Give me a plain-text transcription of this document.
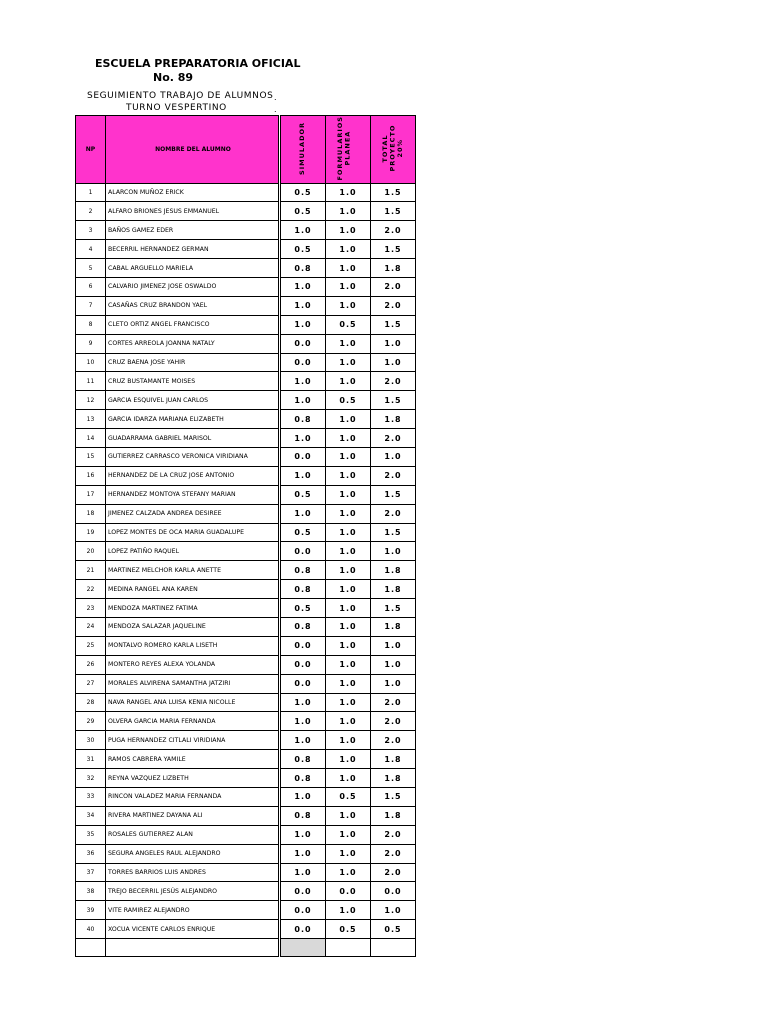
ESCUELA PREPARATORIA OFICIAL
No. 89
SEGUIMIENTO TRABAJO DE ALUMNOS
TURNO VESPERTINO
.
.
NP	NOMBRE DEL ALUMNO		SIMULADOR	FORMULARIOS PLANEA	TOTAL PROYECTO 20%
1	ALARCON MUÑOZ ERICK		0.5	1.0	1.5
2	ALFARO BRIONES JESUS EMMANUEL		0.5	1.0	1.5
3	BAÑOS GAMEZ EDER		1.0	1.0	2.0
4	BECERRIL HERNANDEZ GERMAN		0.5	1.0	1.5
5	CABAL ARGUELLO MARIELA		0.8	1.0	1.8
6	CALVARIO JIMENEZ JOSE OSWALDO		1.0	1.0	2.0
7	CASAÑAS CRUZ BRANDON YAEL		1.0	1.0	2.0
8	CLETO ORTIZ ANGEL FRANCISCO		1.0	0.5	1.5
9	CORTES ARREOLA JOANNA NATALY		0.0	1.0	1.0
10	CRUZ BAENA JOSE YAHIR		0.0	1.0	1.0
11	CRUZ BUSTAMANTE MOISES		1.0	1.0	2.0
12	GARCIA ESQUIVEL JUAN CARLOS		1.0	0.5	1.5
13	GARCIA IDARZA MARIANA ELIZABETH		0.8	1.0	1.8
14	GUADARRAMA GABRIEL MARISOL		1.0	1.0	2.0
15	GUTIERREZ CARRASCO VERONICA VIRIDIANA		0.0	1.0	1.0
16	HERNANDEZ DE LA CRUZ JOSE ANTONIO		1.0	1.0	2.0
17	HERNANDEZ MONTOYA STEFANY MARIAN		0.5	1.0	1.5
18	JIMENEZ CALZADA ANDREA DESIREE		1.0	1.0	2.0
19	LOPEZ MONTES DE OCA MARIA GUADALUPE		0.5	1.0	1.5
20	LOPEZ PATIÑO RAQUEL		0.0	1.0	1.0
21	MARTINEZ MELCHOR KARLA ANETTE		0.8	1.0	1.8
22	MEDINA RANGEL ANA KAREN		0.8	1.0	1.8
23	MENDOZA MARTINEZ FATIMA		0.5	1.0	1.5
24	MENDOZA SALAZAR JAQUELINE		0.8	1.0	1.8
25	MONTALVO ROMERO KARLA LISETH		0.0	1.0	1.0
26	MONTERO REYES ALEXA YOLANDA		0.0	1.0	1.0
27	MORALES ALVIRENA SAMANTHA JATZIRI		0.0	1.0	1.0
28	NAVA RANGEL ANA LUISA KENIA NICOLLE		1.0	1.0	2.0
29	OLVERA GARCIA MARIA FERNANDA		1.0	1.0	2.0
30	PUGA HERNANDEZ CITLALI VIRIDIANA		1.0	1.0	2.0
31	RAMOS CABRERA YAMILE		0.8	1.0	1.8
32	REYNA VAZQUEZ LIZBETH		0.8	1.0	1.8
33	RINCON VALADEZ MARIA FERNANDA		1.0	0.5	1.5
34	RIVERA MARTINEZ DAYANA ALI		0.8	1.0	1.8
35	ROSALES GUTIERREZ ALAN		1.0	1.0	2.0
36	SEGURA ANGELES RAUL ALEJANDRO		1.0	1.0	2.0
37	TORRES BARRIOS LUIS ANDRES		1.0	1.0	2.0
38	TREJO BECERRIL JESÚS ALEJANDRO		0.0	0.0	0.0
39	VITE RAMIREZ ALEJANDRO		0.0	1.0	1.0
40	XOCUA VICENTE CARLOS ENRIQUE		0.0	0.5	0.5
